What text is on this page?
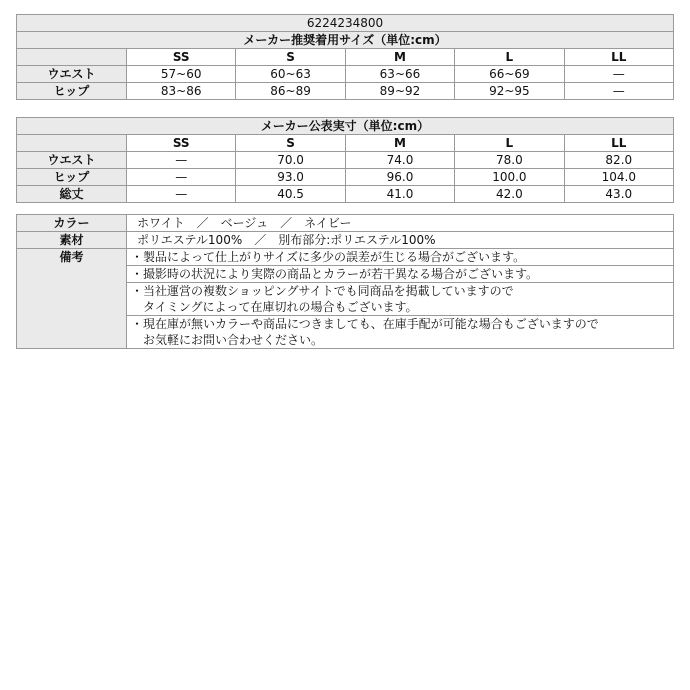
6224234800					
メーカー推奨着用サイズ（単位:cm）					
	SS	S	M	L	LL
ウエスト	57~60	60~63	63~66	66~69	—
ヒップ	83~86	86~89	89~92	92~95	—
メーカー公表実寸（単位:cm）					
	SS	S	M	L	LL
ウエスト	—	70.0	74.0	78.0	82.0
ヒップ	—	93.0	96.0	100.0	104.0
総丈	—	40.5	41.0	42.0	43.0
カラー	ホワイト　／　ベージュ　／　ネイビー
素材	ポリエステル100%　／　別布部分:ポリエステル100%
備考	・製品によって仕上がりサイズに多少の誤差が生じる場合がございます。

	・撮影時の状況により実際の商品とカラーが若干異なる場合がございます。

	・当社運営の複数ショッピングサイトでも同商品を掲載していますので
　タイミングによって在庫切れの場合もございます。

	・現在庫が無いカラーや商品につきましても、在庫手配が可能な場合もございますので
　お気軽にお問い合わせください。
